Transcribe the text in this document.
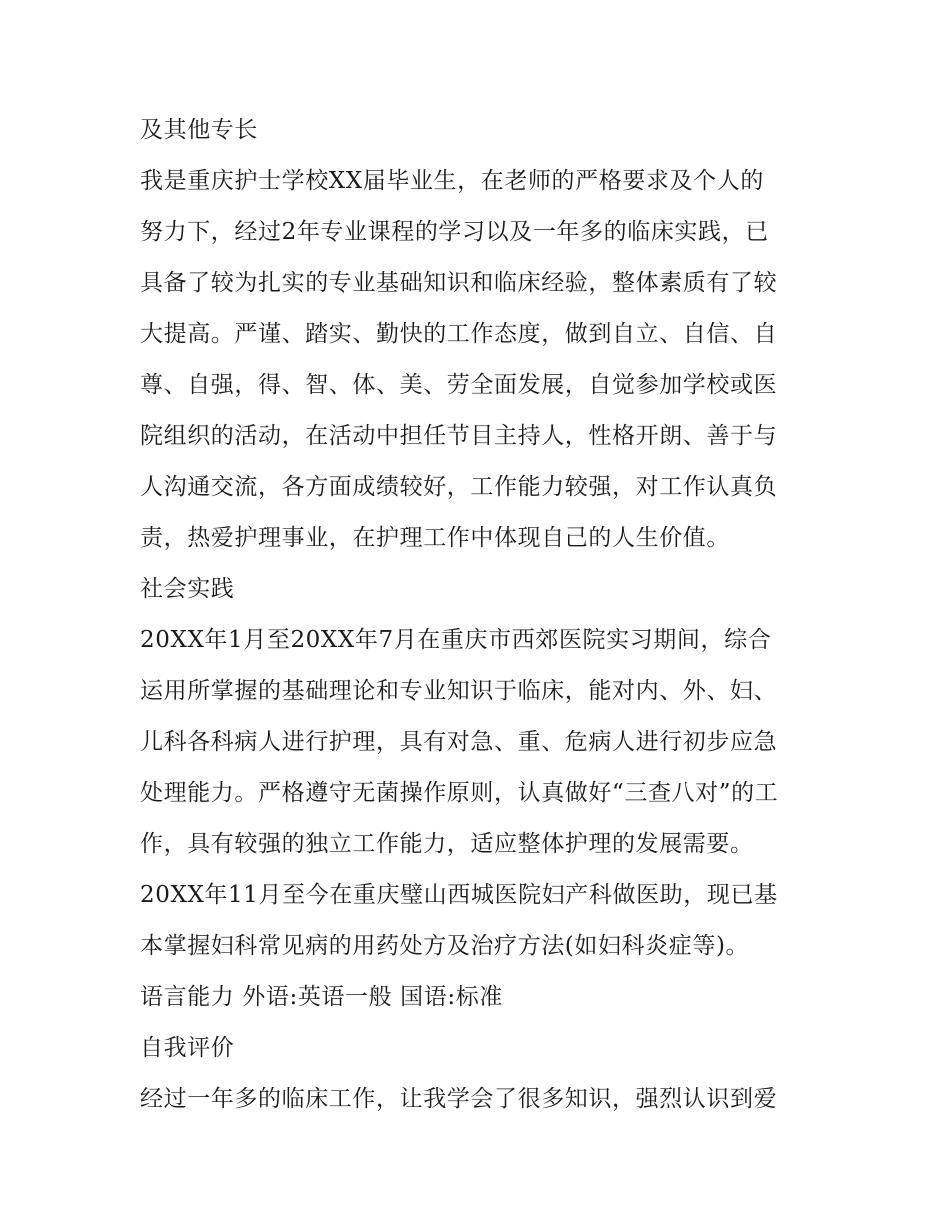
及其他专长
我是重庆护士学校XX届毕业生，在老师的严格要求及个人的
努力下，经过2年专业课程的学习以及一年多的临床实践，已
具备了较为扎实的专业基础知识和临床经验，整体素质有了较
大提高。严谨、踏实、勤快的工作态度，做到自立、自信、自
尊、自强，得、智、体、美、劳全面发展，自觉参加学校或医
院组织的活动，在活动中担任节目主持人，性格开朗、善于与
人沟通交流，各方面成绩较好，工作能力较强，对工作认真负
责，热爱护理事业，在护理工作中体现自己的人生价值。
社会实践
20XX年1月至20XX年7月在重庆市西郊医院实习期间，综合
运用所掌握的基础理论和专业知识于临床，能对内、外、妇、
儿科各科病人进行护理，具有对急、重、危病人进行初步应急
处理能力。严格遵守无菌操作原则，认真做好“三查八对”的工
作，具有较强的独立工作能力，适应整体护理的发展需要。
20XX年11月至今在重庆璧山西城医院妇产科做医助，现已基
本掌握妇科常见病的用药处方及治疗方法(如妇科炎症等)。
语言能力 外语:英语一般 国语:标准
自我评价
经过一年多的临床工作，让我学会了很多知识，强烈认识到爱
